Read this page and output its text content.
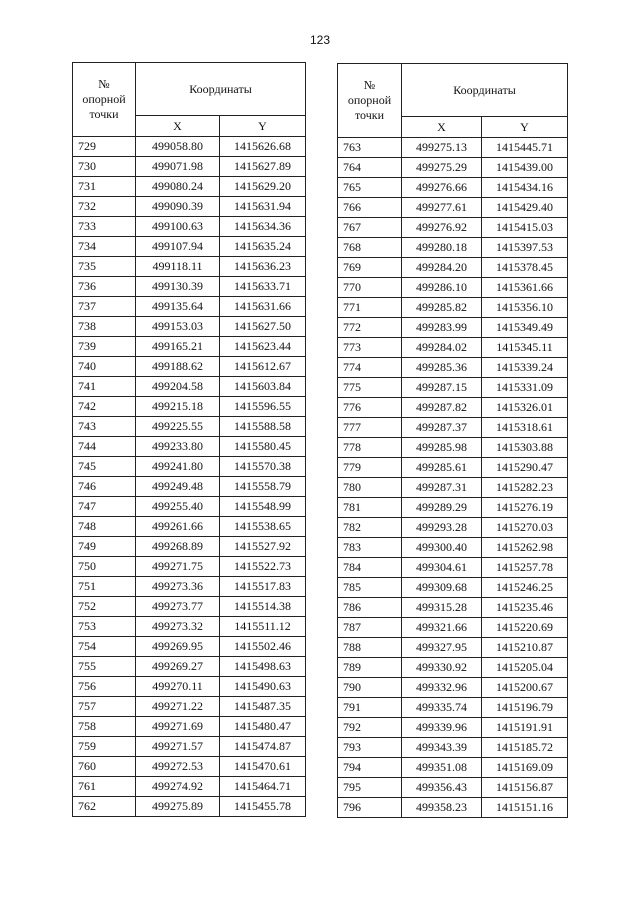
123
№
опорной
точки	Координаты	
	X	Y
729	499058.80	1415626.68
730	499071.98	1415627.89
731	499080.24	1415629.20
732	499090.39	1415631.94
733	499100.63	1415634.36
734	499107.94	1415635.24
735	499118.11	1415636.23
736	499130.39	1415633.71
737	499135.64	1415631.66
738	499153.03	1415627.50
739	499165.21	1415623.44
740	499188.62	1415612.67
741	499204.58	1415603.84
742	499215.18	1415596.55
743	499225.55	1415588.58
744	499233.80	1415580.45
745	499241.80	1415570.38
746	499249.48	1415558.79
747	499255.40	1415548.99
748	499261.66	1415538.65
749	499268.89	1415527.92
750	499271.75	1415522.73
751	499273.36	1415517.83
752	499273.77	1415514.38
753	499273.32	1415511.12
754	499269.95	1415502.46
755	499269.27	1415498.63
756	499270.11	1415490.63
757	499271.22	1415487.35
758	499271.69	1415480.47
759	499271.57	1415474.87
760	499272.53	1415470.61
761	499274.92	1415464.71
762	499275.89	1415455.78
№
опорной
точки	Координаты	
	X	Y
763	499275.13	1415445.71
764	499275.29	1415439.00
765	499276.66	1415434.16
766	499277.61	1415429.40
767	499276.92	1415415.03
768	499280.18	1415397.53
769	499284.20	1415378.45
770	499286.10	1415361.66
771	499285.82	1415356.10
772	499283.99	1415349.49
773	499284.02	1415345.11
774	499285.36	1415339.24
775	499287.15	1415331.09
776	499287.82	1415326.01
777	499287.37	1415318.61
778	499285.98	1415303.88
779	499285.61	1415290.47
780	499287.31	1415282.23
781	499289.29	1415276.19
782	499293.28	1415270.03
783	499300.40	1415262.98
784	499304.61	1415257.78
785	499309.68	1415246.25
786	499315.28	1415235.46
787	499321.66	1415220.69
788	499327.95	1415210.87
789	499330.92	1415205.04
790	499332.96	1415200.67
791	499335.74	1415196.79
792	499339.96	1415191.91
793	499343.39	1415185.72
794	499351.08	1415169.09
795	499356.43	1415156.87
796	499358.23	1415151.16
